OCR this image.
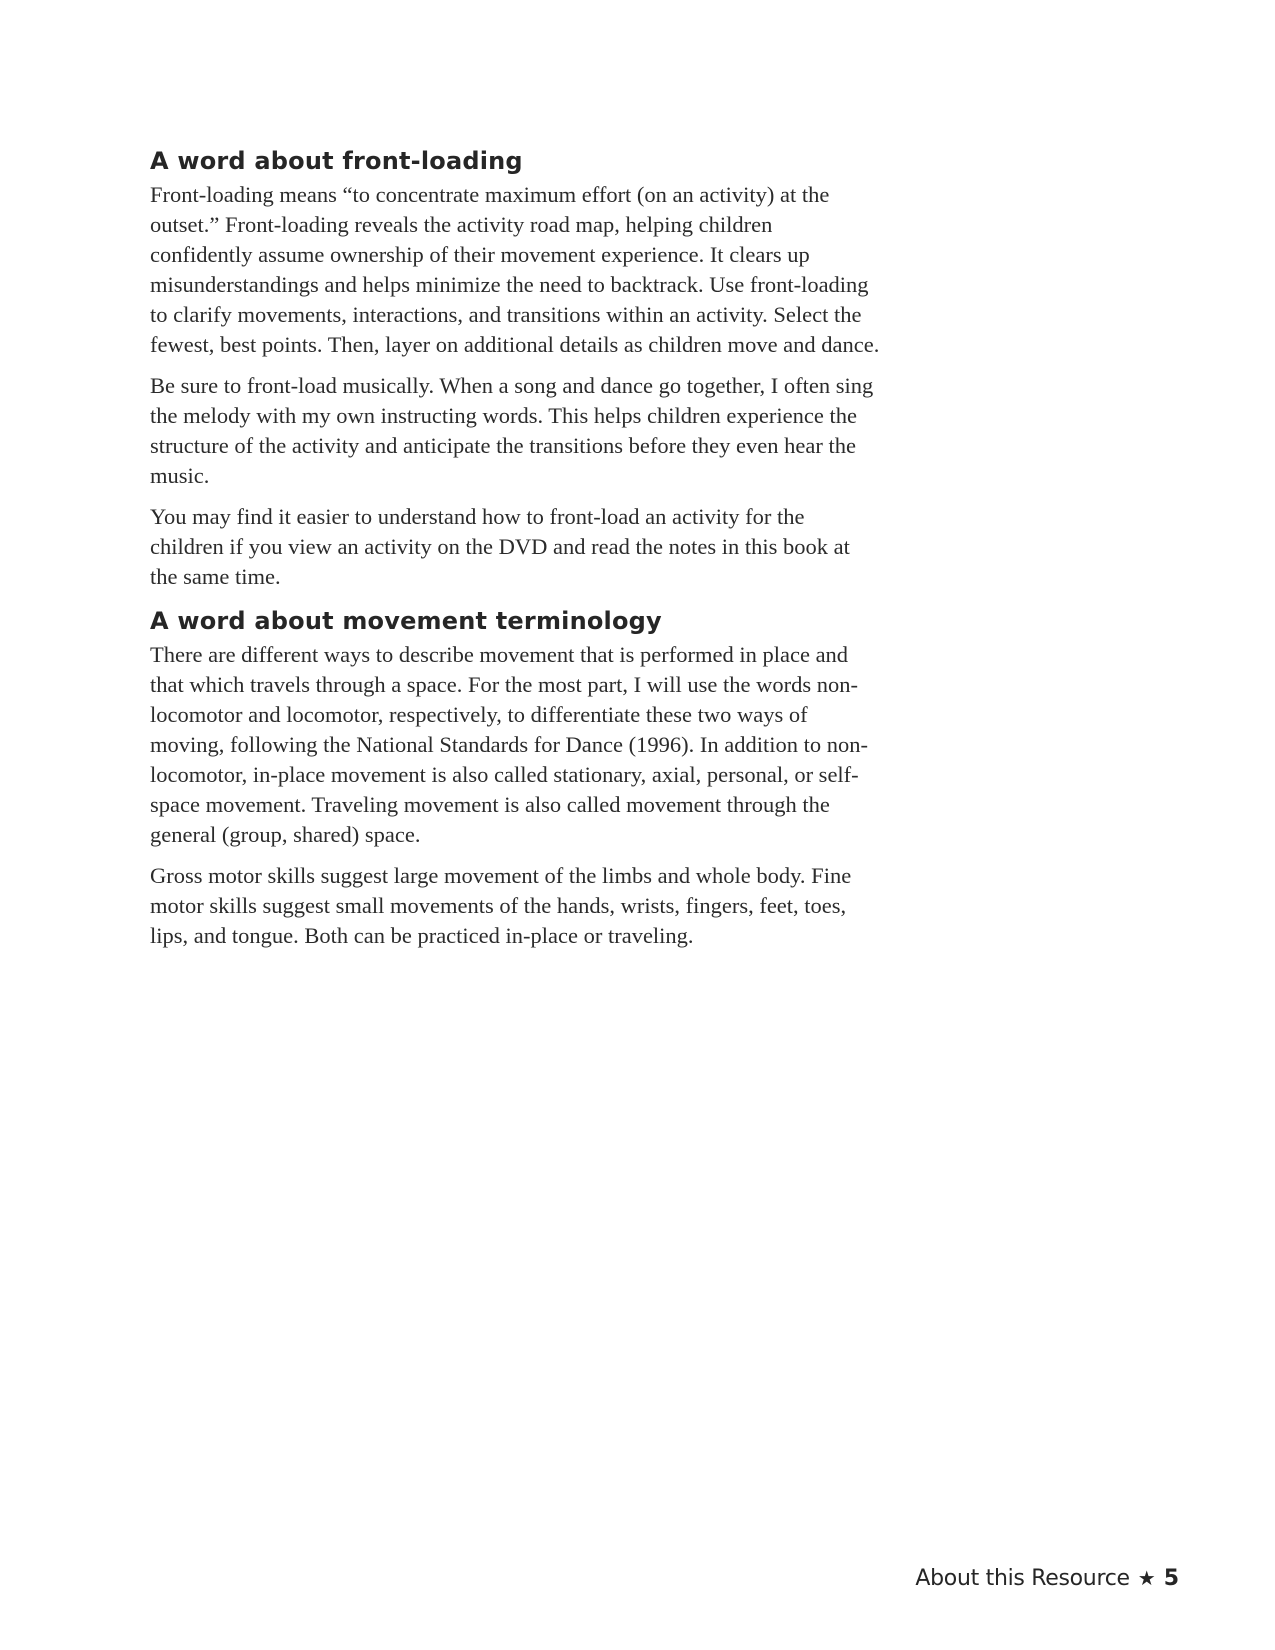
A word about front-loading

Front-loading means “to concentrate maximum effort (on an activity) at the outset.” Front-loading reveals the activity road map, helping children confidently assume ownership of their movement experience. It clears up misunderstandings and helps minimize the need to backtrack. Use front-loading to clarify movements, interactions, and transitions within an activity. Select the fewest, best points. Then, layer on additional details as children move and dance.

Be sure to front-load musically. When a song and dance go together, I often sing the melody with my own instructing words. This helps children experience the structure of the activity and anticipate the transitions before they even hear the music.

You may find it easier to understand how to front-load an activity for the children if you view an activity on the DVD and read the notes in this book at the same time.

A word about movement terminology

There are different ways to describe movement that is performed in place and that which travels through a space. For the most part, I will use the words non-locomotor and locomotor, respectively, to differentiate these two ways of moving, following the National Standards for Dance (1996). In addition to non-locomotor, in-place movement is also called stationary, axial, personal, or self-space movement. Traveling movement is also called movement through the general (group, shared) space.

Gross motor skills suggest large movement of the limbs and whole body. Fine motor skills suggest small movements of the hands, wrists, fingers, feet, toes, lips, and tongue. Both can be practiced in-place or traveling.

About this Resource ★ 5
